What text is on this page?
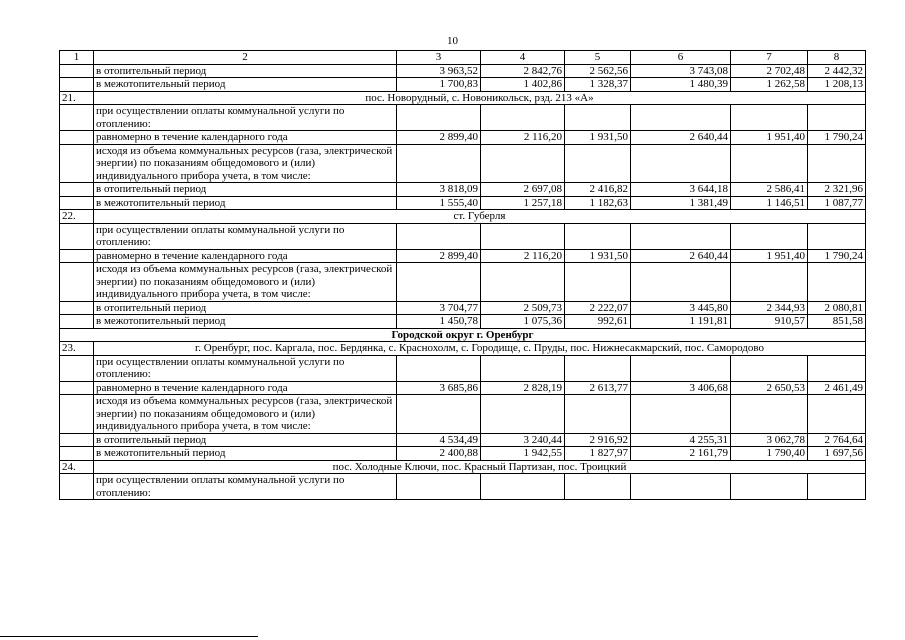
10
1	2	3	4	5	6	7	8
	в отопительный период	3 963,52	2 842,76	2 562,56	3 743,08	2 702,48	2 442,32
	в межотопительный период	1 700,83	1 402,86	1 328,37	1 480,39	1 262,58	1 208,13
21.	пос. Новорудный, с. Новоникольск, рзд. 213 «А»						
	при осуществлении оплаты коммунальной услуги по отоплению:						
	равномерно в течение календарного года	2 899,40	2 116,20	1 931,50	2 640,44	1 951,40	1 790,24
	исходя из объема коммунальных ресурсов (газа, электрической энергии) по показаниям общедомового и (или) индивидуального прибора учета, в том числе:						
	в отопительный период	3 818,09	2 697,08	2 416,82	3 644,18	2 586,41	2 321,96
	в межотопительный период	1 555,40	1 257,18	1 182,63	1 381,49	1 146,51	1 087,77
22.	ст. Губерля						
	при осуществлении оплаты коммунальной услуги по отоплению:						
	равномерно в течение календарного года	2 899,40	2 116,20	1 931,50	2 640,44	1 951,40	1 790,24
	исходя из объема коммунальных ресурсов (газа, электрической энергии) по показаниям общедомового и (или) индивидуального прибора учета, в том числе:						
	в отопительный период	3 704,77	2 509,73	2 222,07	3 445,80	2 344,93	2 080,81
	в межотопительный период	1 450,78	1 075,36	992,61	1 191,81	910,57	851,58
Городской округ г. Оренбург							
23.	г. Оренбург, пос. Каргала, пос. Бердянка, с. Краснохолм, с. Городище, с. Пруды, пос. Нижнесакмарский, пос. Самородово						
	при осуществлении оплаты коммунальной услуги по отоплению:						
	равномерно в течение календарного года	3 685,86	2 828,19	2 613,77	3 406,68	2 650,53	2 461,49
	исходя из объема коммунальных ресурсов (газа, электрической энергии) по показаниям общедомового и (или) индивидуального прибора учета, в том числе:						
	в отопительный период	4 534,49	3 240,44	2 916,92	4 255,31	3 062,78	2 764,64
	в межотопительный период	2 400,88	1 942,55	1 827,97	2 161,79	1 790,40	1 697,56
24.	пос. Холодные Ключи, пос. Красный Партизан, пос. Троицкий						
	при осуществлении оплаты коммунальной услуги по отоплению:						
